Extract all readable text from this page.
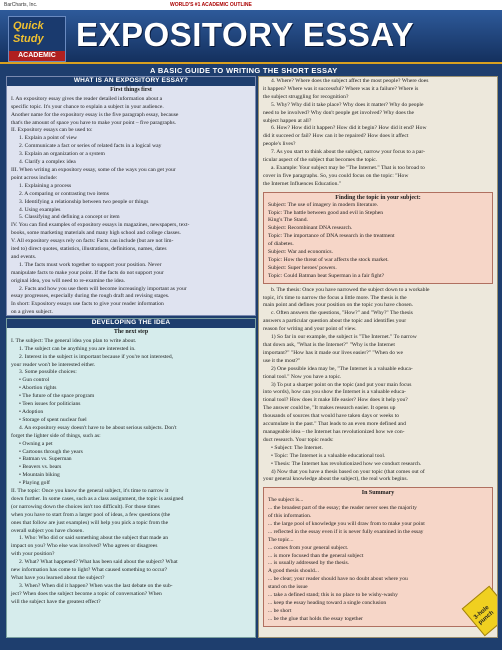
BarCharts, Inc.	WORLD'S #1 ACADEMIC OUTLINE
Quick
Study
ACADEMIC
EXPOSITORY ESSAY
A BASIC GUIDE TO WRITING THE SHORT ESSAY
WHAT IS AN EXPOSITORY ESSAY?
First things first
I. An expository essay gives the reader detailed information about a
specific topic. It's your chance to explain a subject in your audience.
Another name for the expository essay is the five paragraph essay, because
that's the amount of space you have to make your point – five paragraphs.
II. Expository essays can be used to:
1. Explain a point of view
2. Communicate a fact or series of related facts in a logical way
3. Explain an organization or a system
4. Clarify a complex idea
III. When writing an expository essay, some of the ways you can get your
point across include:
1. Explaining a process
2. A comparing or contrasting two items
3. Identifying a relationship between two people or things
4. Using examples
5. Classifying and defining a concept or item
IV. You can find examples of expository essays in magazines, newspapers, text-
books, some marketing materials and many high school and college classes.
V. All expository essays rely on facts: Facts can include (but are not lim-
ited to) direct quotes, statistics, illustrations, definitions, names, dates
and events.
1. The facts must work together to support your position. Never
manipulate facts to make your point. If the facts do not support your
original idea, you will need to re-examine the idea.
2. Facts and how you use them will become increasingly important as your
essay progresses, especially during the rough draft and revising stages.
In short: Expository essays use facts to give your reader information
on a given subject.
DEVELOPING THE IDEA
The next step
I. The subject: The general idea you plan to write about.
1. The subject can be anything you are interested in.
2. Interest in the subject is important because if you're not interested,
your reader won't be interested either.
3. Some possible choices:
• Gun control
• Abortion rights
• The future of the space program
• Teen issues for politicians
• Adoption
• Storage of spent nuclear fuel
4. An expository essay doesn't have to be about serious subjects. Don't
forget the lighter side of things, such as:
• Owning a pet
• Cartoons through the years
• Batman vs. Superman
• Beavers vs. bears
• Mountain biking
• Playing golf
II. The topic: Once you know the general subject, it's time to narrow it
down further. In some cases, such as a class assignment, the topic is assigned
(or narrowing down the choices isn't too difficult). For those times
when you have to start from a larger pool of ideas, a few questions (the
ones that follow are just examples) will help you pick a topic from the
overall subject you have chosen.
1. Who: Who did or said something about the subject that made an
impact on you? Who else was involved? Who agrees or disagrees
with your position?
2. What? What happened? What has been said about the subject? What
new information has come to light? What caused something to occur?
What have you learned about the subject?
3. When? When did it happen? When was the last debate on the sub-
ject? When does the subject become a topic of conversation? When
will the subject have the greatest effect?
4. Where? Where does the subject affect the most people? Where does
it happen? Where was it successful? Where was it a failure? Where is
the subject struggling for recognition?
5. Why? Why did it take place? Why does it matter? Why do people
need to be involved? Why don't people get involved? Why does the
subject happen at all?
6. How? How did it happen? How did it begin? How did it end? How
did it succeed or fail? How can it be repaired? How does it affect
people's lives?
7. As you start to think about the subject, narrow your focus to a par-
ticular aspect of the subject that becomes the topic.
a. Example: Your subject may be "The Internet." That is too broad to
cover in five paragraphs. So, you could focus on the topic: "How
the Internet Influences Education."
Finding the topic in your subject:
Subject: The use of imagery in modern literature.
Topic: The battle between good and evil in Stephen
King's The Stand.
Subject: Recombinant DNA research.
Topic: The importance of DNA research in the treatment
of diabetes.
Subject: War and economics.
Topic: How the threat of war affects the stock market.
Subject: Super heroes' powers.
Topic: Could Batman beat Superman in a fair fight?
b. The thesis: Once you have narrowed the subject down to a workable
topic, it's time to narrow the focus a little more. The thesis is the
main point and defines your position on the topic you have chosen.
c. Often answers the questions, "How?" and "Why?" The thesis
answers a particular question about the topic and identifies your
reason for writing and your point of view.
1) So far in our example, the subject is "The Internet." To narrow
that down ask, "What is the Internet?" "Why is the Internet
important?" "How has it made our lives easier?" "When do we
use it the most?"
2) One possible idea may be, "The Internet is a valuable educa-
tional tool." Now you have a topic.
3) To put a sharper point on the topic (and put your main focus
into words), how can you show the Internet is a valuable educa-
tional tool? How does it make life easier? How does it help you?
The answer could be, "It makes research easier. It opens up
thousands of sources that would have taken days or weeks to
accumulate in the past." That leads to an even more defined and
manageable idea – the Internet has revolutionized how we con-
duct research. Your topic reads:
• Subject: The Internet.
• Topic: The Internet is a valuable educational tool.
• Thesis: The Internet has revolutionized how we conduct research.
4) Now that you have a thesis based on your topic (that comes out of
your general knowledge about the subject), the real work begins.
In Summary
The subject is...
... the broadest part of the essay; the reader never sees the majority
of this information.
... the large pool of knowledge you will draw from to make your point
... reflected in the essay even if it is never fully examined in the essay
The topic...
... comes from your general subject.
... is more focused than the general subject
... is usually addressed by the thesis.
A good thesis should...
... be clear; your reader should have no doubt about where you
stand on the issue
... take a defined stand; this is no place to be wishy-washy
... keep the essay heading toward a single conclusion
... be short
... be the glue that holds the essay together	3-hole punch
